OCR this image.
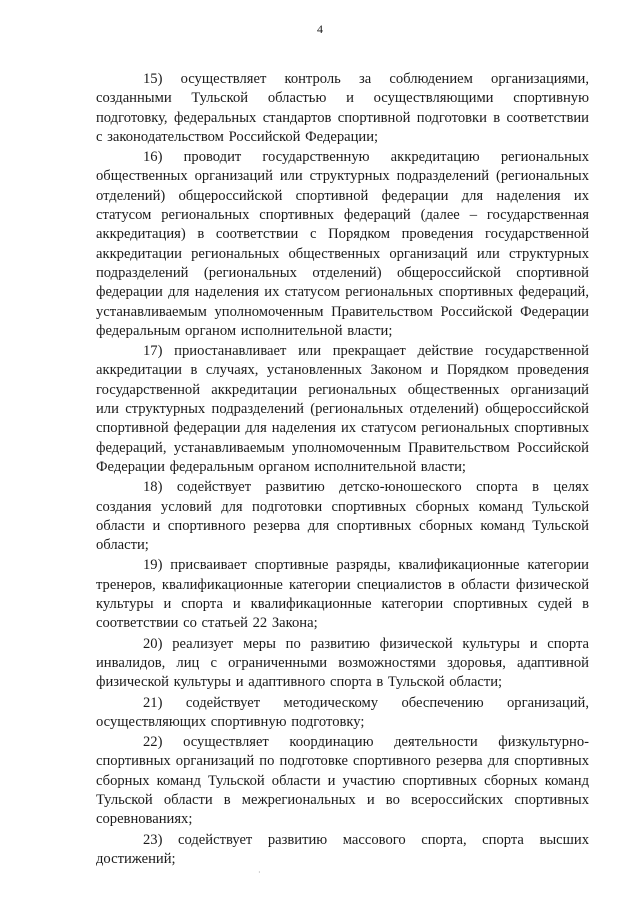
4

15) осуществляет контроль за соблюдением организациями, созданными Тульской областью и осуществляющими спортивную подготовку, федеральных стандартов спортивной подготовки в соответствии с законодательством Российской Федерации;

16) проводит государственную аккредитацию региональных общественных организаций или структурных подразделений (региональных отделений) общероссийской спортивной федерации для наделения их статусом региональных спортивных федераций (далее – государственная аккредитация) в соответствии с Порядком проведения государственной аккредитации региональных общественных организаций или структурных подразделений (региональных отделений) общероссийской спортивной федерации для наделения их статусом региональных спортивных федераций, устанавливаемым уполномоченным Правительством Российской Федерации федеральным органом исполнительной власти;

17) приостанавливает или прекращает действие государственной аккредитации в случаях, установленных Законом и Порядком проведения государственной аккредитации региональных общественных организаций или структурных подразделений (региональных отделений) общероссийской спортивной федерации для наделения их статусом региональных спортивных федераций, устанавливаемым уполномоченным Правительством Российской Федерации федеральным органом исполнительной власти;

18) содействует развитию детско-юношеского спорта в целях создания условий для подготовки спортивных сборных команд Тульской области и спортивного резерва для спортивных сборных команд Тульской области;

19) присваивает спортивные разряды, квалификационные категории тренеров, квалификационные категории специалистов в области физической культуры и спорта и квалификационные категории спортивных судей в соответствии со статьей 22 Закона;

20) реализует меры по развитию физической культуры и спорта инвалидов, лиц с ограниченными возможностями здоровья, адаптивной физической культуры и адаптивного спорта в Тульской области;

21) содействует методическому обеспечению организаций, осуществляющих спортивную подготовку;

22) осуществляет координацию деятельности физкультурно-спортивных организаций по подготовке спортивного резерва для спортивных сборных команд Тульской области и участию спортивных сборных команд Тульской области в межрегиональных и во всероссийских спортивных соревнованиях;

23) содействует развитию массового спорта, спорта высших достижений;

·
